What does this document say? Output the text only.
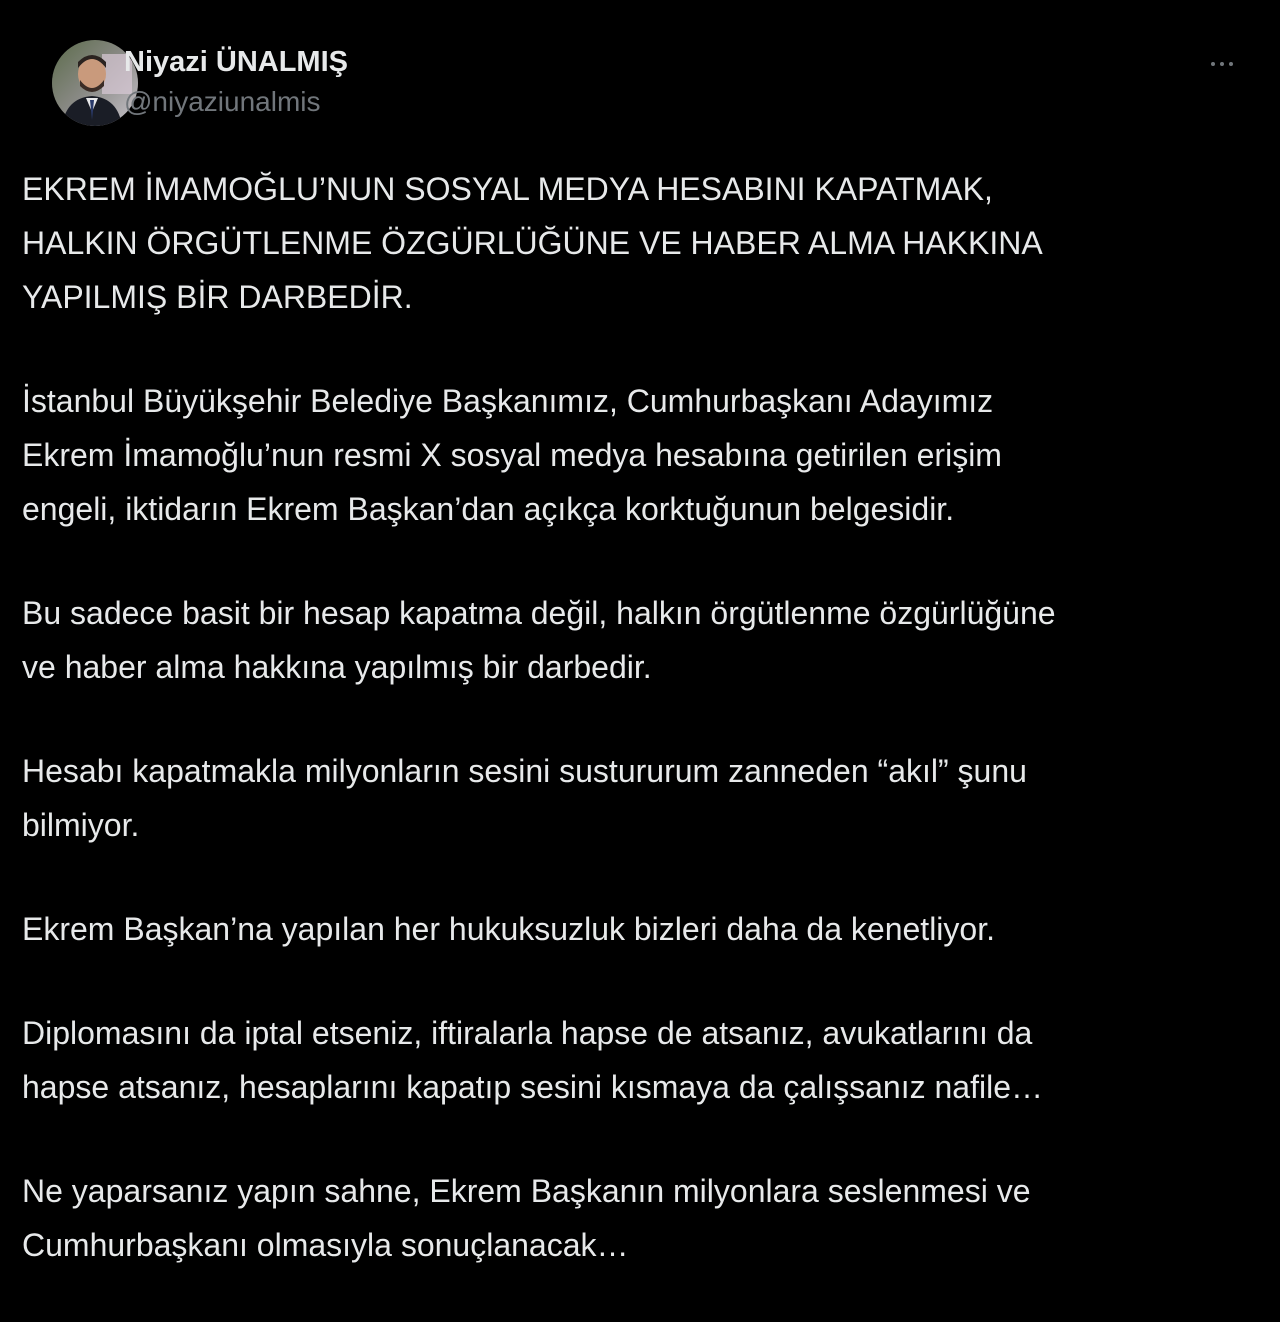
Niyazi ÜNALMIŞ
@niyaziunalmis

EKREM İMAMOĞLU’NUN SOSYAL MEDYA HESABINI KAPATMAK,
HALKIN ÖRGÜTLENME ÖZGÜRLÜĞÜNE VE HABER ALMA HAKKINA
YAPILMIŞ BİR DARBEDİR.

İstanbul Büyükşehir Belediye Başkanımız, Cumhurbaşkanı Adayımız
Ekrem İmamoğlu’nun resmi X sosyal medya hesabına getirilen erişim
engeli, iktidarın Ekrem Başkan’dan açıkça korktuğunun belgesidir.

Bu sadece basit bir hesap kapatma değil, halkın örgütlenme özgürlüğüne
ve haber alma hakkına yapılmış bir darbedir.

Hesabı kapatmakla milyonların sesini sustururum zanneden “akıl” şunu
bilmiyor.

Ekrem Başkan’na yapılan her hukuksuzluk bizleri daha da kenetliyor.

Diplomasını da iptal etseniz, iftiralarla hapse de atsanız, avukatlarını da
hapse atsanız, hesaplarını kapatıp sesini kısmaya da çalışsanız nafile…

Ne yaparsanız yapın sahne, Ekrem Başkanın milyonlara seslenmesi ve
Cumhurbaşkanı olmasıyla sonuçlanacak…
